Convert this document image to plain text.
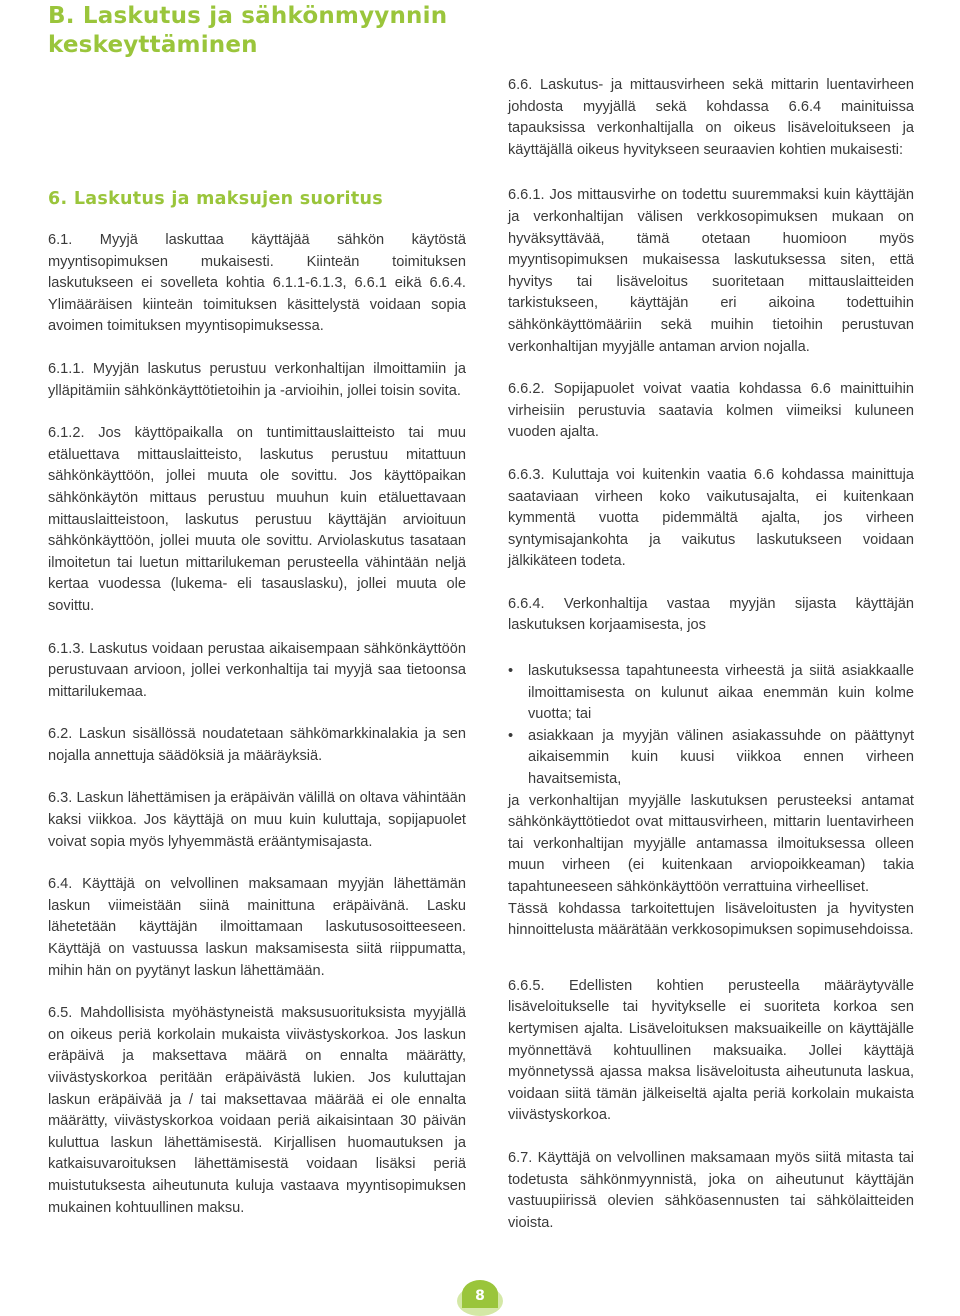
B. Laskutus ja sähkönmyynnin keskeyttäminen
6. Laskutus ja maksujen suoritus

6.1. Myyjä laskuttaa käyttäjää sähkön käytöstä myyntisopimuksen mukaisesti. Kiinteän toimituksen laskutukseen ei sovelleta kohtia 6.1.1-6.1.3, 6.6.1 eikä 6.6.4. Ylimääräisen kiinteän toimituksen käsittelystä voidaan sopia avoimen toimituksen myyntisopimuksessa.

6.1.1. Myyjän laskutus perustuu verkonhaltijan ilmoittamiin ja ylläpitämiin sähkönkäyttötietoihin ja -arvioihin, jollei toisin sovita.

6.1.2. Jos käyttöpaikalla on tuntimittauslaitteisto tai muu etäluettava mittauslaitteisto, laskutus perustuu mitattuun sähkönkäyttöön, jollei muuta ole sovittu. Jos käyttöpaikan sähkönkäytön mittaus perustuu muuhun kuin etäluettavaan mittauslaitteistoon, laskutus perustuu käyttäjän arvioituun sähkönkäyttöön, jollei muuta ole sovittu. Arviolaskutus tasataan ilmoitetun tai luetun mittarilukeman perusteella vähintään neljä kertaa vuodessa (lukema- eli tasauslasku), jollei muuta ole sovittu.

6.1.3. Laskutus voidaan perustaa aikaisempaan sähkönkäyttöön perustuvaan arvioon, jollei verkonhaltija tai myyjä saa tietoonsa mittarilukemaa.

6.2. Laskun sisällössä noudatetaan sähkömarkkinalakia ja sen nojalla annettuja säädöksiä ja määräyksiä.

6.3. Laskun lähettämisen ja eräpäivän välillä on oltava vähintään kaksi viikkoa. Jos käyttäjä on muu kuin kuluttaja, sopijapuolet voivat sopia myös lyhyemmästä erääntymisajasta.

6.4. Käyttäjä on velvollinen maksamaan myyjän lähettämän laskun viimeistään siinä mainittuna eräpäivänä. Lasku lähetetään käyttäjän ilmoittamaan laskutusosoitteeseen. Käyttäjä on vastuussa laskun maksamisesta siitä riippumatta, mihin hän on pyytänyt laskun lähettämään.

6.5. Mahdollisista myöhästyneistä maksusuorituksista myyjällä on oikeus periä korkolain mukaista viivästyskorkoa. Jos laskun eräpäivä ja maksettava määrä on ennalta määrätty, viivästyskorkoa peritään eräpäivästä lukien. Jos kuluttajan laskun eräpäivää ja / tai maksettavaa määrää ei ole ennalta määrätty, viivästyskorkoa voidaan periä aikaisintaan 30 päivän kuluttua laskun lähettämisestä. Kirjallisen huomautuksen ja katkaisuvaroituksen lähettämisestä voidaan lisäksi periä muistutuksesta aiheutunuta kuluja vastaava myyntisopimuksen mukainen kohtuullinen maksu.

6.6. Laskutus- ja mittausvirheen sekä mittarin luentavirheen johdosta myyjällä sekä kohdassa 6.6.4 mainituissa tapauksissa verkonhaltijalla on oikeus lisäveloitukseen ja käyttäjällä oikeus hyvitykseen seuraavien kohtien mukaisesti:

6.6.1. Jos mittausvirhe on todettu suuremmaksi kuin käyttäjän ja verkonhaltijan välisen verkkosopimuksen mukaan on hyväksyttävää, tämä otetaan huomioon myös myyntisopimuksen mukaisessa laskutuksessa siten, että hyvitys tai lisäveloitus suoritetaan mittauslaitteiden tarkistukseen, käyttäjän eri aikoina todettuihin sähkönkäyttömääriin sekä muihin tietoihin perustuvan verkonhaltijan myyjälle antaman arvion nojalla.

6.6.2. Sopijapuolet voivat vaatia kohdassa 6.6 mainittuihin virheisiin perustuvia saatavia kolmen viimeiksi kuluneen vuoden ajalta.

6.6.3. Kuluttaja voi kuitenkin vaatia 6.6 kohdassa mainittuja saataviaan virheen koko vaikutusajalta, ei kuitenkaan kymmentä vuotta pidemmältä ajalta, jos virheen syntymisajankohta ja vaikutus laskutukseen voidaan jälkikäteen todeta.

6.6.4. Verkonhaltija vastaa myyjän sijasta käyttäjän laskutuksen korjaamisesta, jos

• laskutuksessa tapahtuneesta virheestä ja siitä asiakkaalle ilmoittamisesta on kulunut aikaa enemmän kuin kolme vuotta; tai
• asiakkaan ja myyjän välinen asiakassuhde on päättynyt aikaisemmin kuin kuusi viikkoa ennen virheen havaitsemista,

ja verkonhaltijan myyjälle laskutuksen perusteeksi antamat sähkönkäyttötiedot ovat mittausvirheen, mittarin luentavirheen tai verkonhaltijan myyjälle antamassa ilmoituksessa olleen muun virheen (ei kuitenkaan arviopoikkeaman) takia tapahtuneeseen sähkönkäyttöön verrattuina virheelliset.

Tässä kohdassa tarkoitettujen lisäveloitusten ja hyvitysten hinnoittelusta määrätään verkkosopimuksen sopimusehdoissa.

6.6.5. Edellisten kohtien perusteella määräytyvälle lisäveloitukselle tai hyvitykselle ei suoriteta korkoa sen kertymisen ajalta. Lisäveloituksen maksuaikeille on käyttäjälle myönnettävä kohtuullinen maksuaika. Jollei käyttäjä myönnetyssä ajassa maksa lisäveloitusta aiheutunuta laskua, voidaan siitä tämän jälkeiseltä ajalta periä korkolain mukaista viivästyskorkoa.

6.7. Käyttäjä on velvollinen maksamaan myös siitä mitasta tai todetusta sähkönmyynnistä, joka on aiheutunut käyttäjän vastuupiirissä olevien sähköasennusten tai sähkölaitteiden vioista.

8
